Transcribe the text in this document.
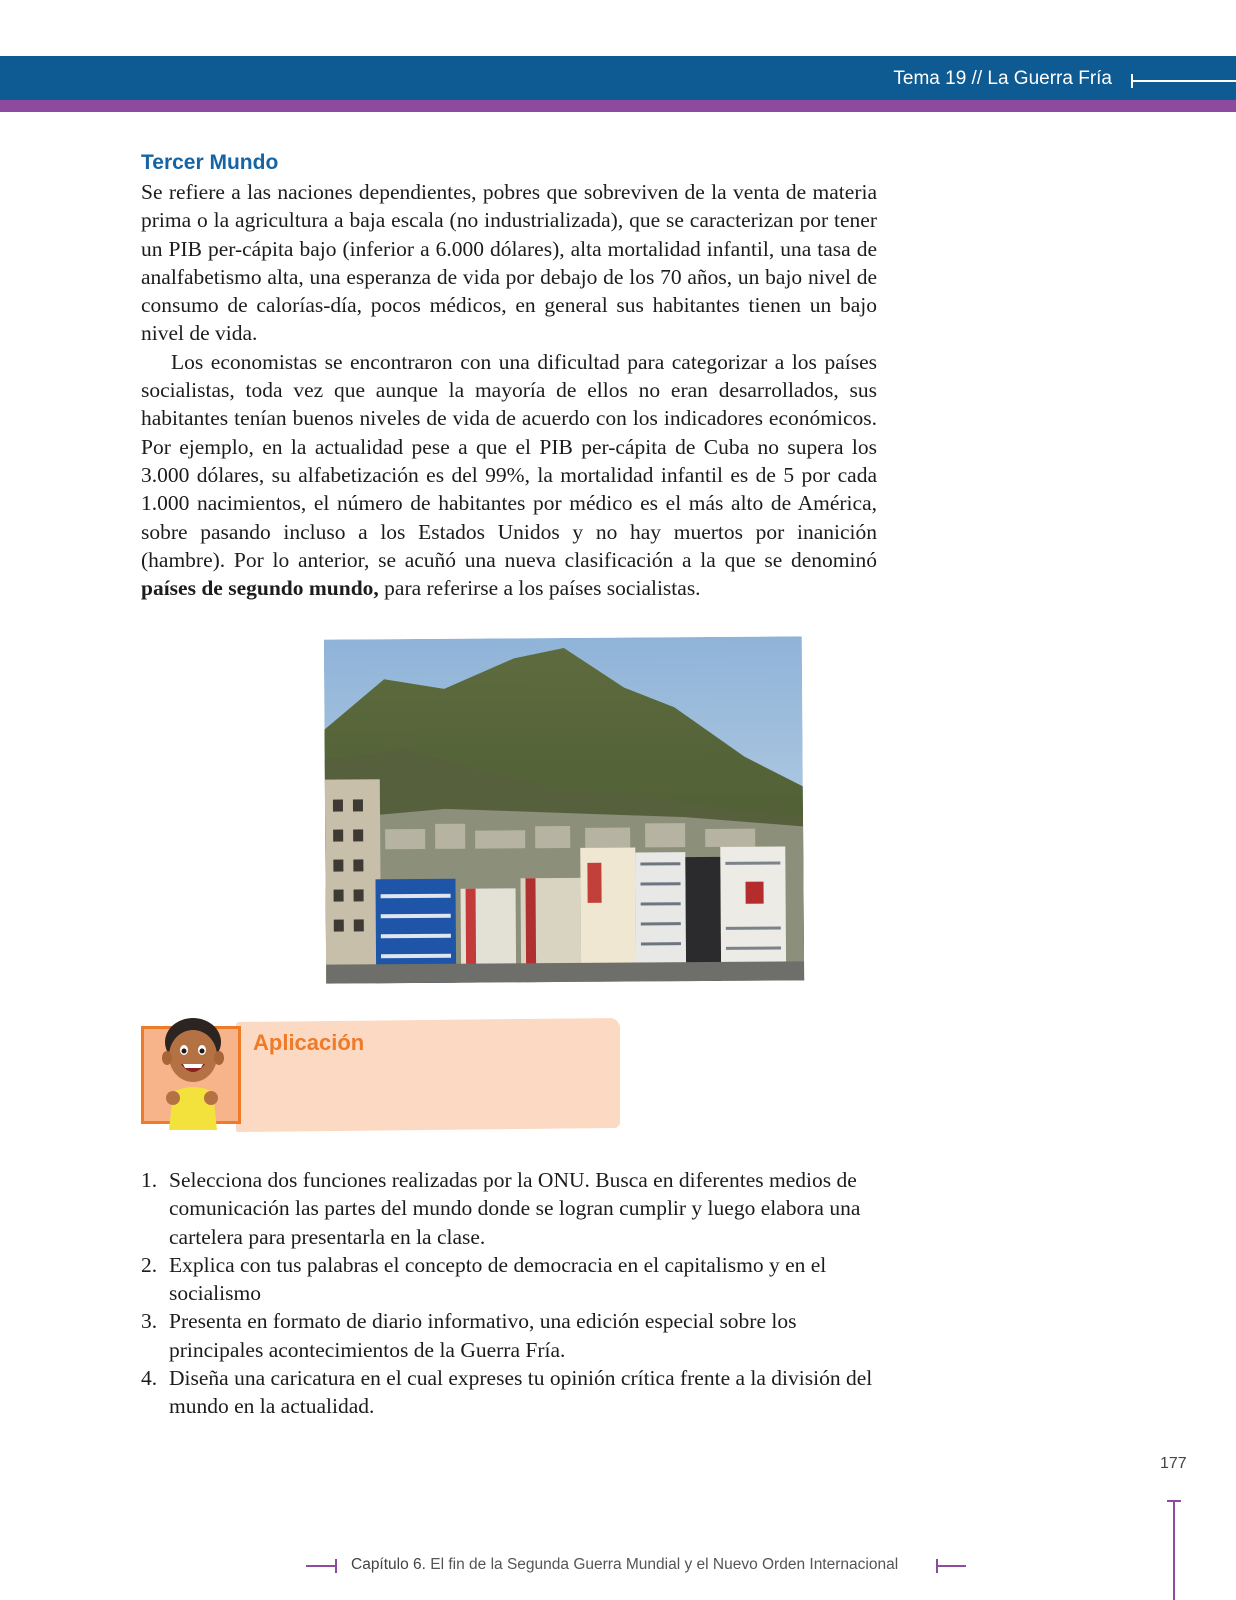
Tema 19 // La Guerra Fría
Tercer Mundo

Se refiere a las naciones dependientes, pobres que sobreviven de la venta de materia prima o la agricultura a baja escala (no industrializada), que se caracterizan por tener un PIB per-cápita bajo (inferior a 6.000 dólares), alta mortalidad infantil, una tasa de analfabetismo alta, una esperanza de vida por debajo de los 70 años, un bajo nivel de consumo de calorías-día, pocos médicos, en general sus habitantes tienen un bajo nivel de vida.

Los economistas se encontraron con una dificultad para categorizar a los países socialistas, toda vez que aunque la mayoría de ellos no eran desarrollados, sus habitantes tenían buenos niveles de vida de acuerdo con los indicadores económicos. Por ejemplo, en la actualidad pese a que el PIB per-cápita de Cuba no supera los 3.000 dólares, su alfabetización es del 99%, la mortalidad infantil es de 5 por cada 1.000 nacimientos, el número de habitantes por médico es el más alto de América, sobre pasando incluso a los Estados Unidos y no hay muertos por inanición (hambre). Por lo anterior, se acuñó una nueva clasificación a la que se denominó países de segundo mundo, para referirse a los países socialistas.

Aplicación
1. Selecciona dos funciones realizadas por la ONU. Busca en diferentes medios de comunicación las partes del mundo donde se logran cumplir y luego elabora una cartelera para presentarla en la clase.
2. Explica con tus palabras el concepto de democracia en el capitalismo y en el socialismo
3. Presenta en formato de diario informativo, una edición especial sobre los principales acontecimientos de la Guerra Fría.
4. Diseña una caricatura en el cual expreses tu opinión crítica frente a la división del mundo en la actualidad.
177
Capítulo 6. El fin de la Segunda Guerra Mundial y el Nuevo Orden Internacional
